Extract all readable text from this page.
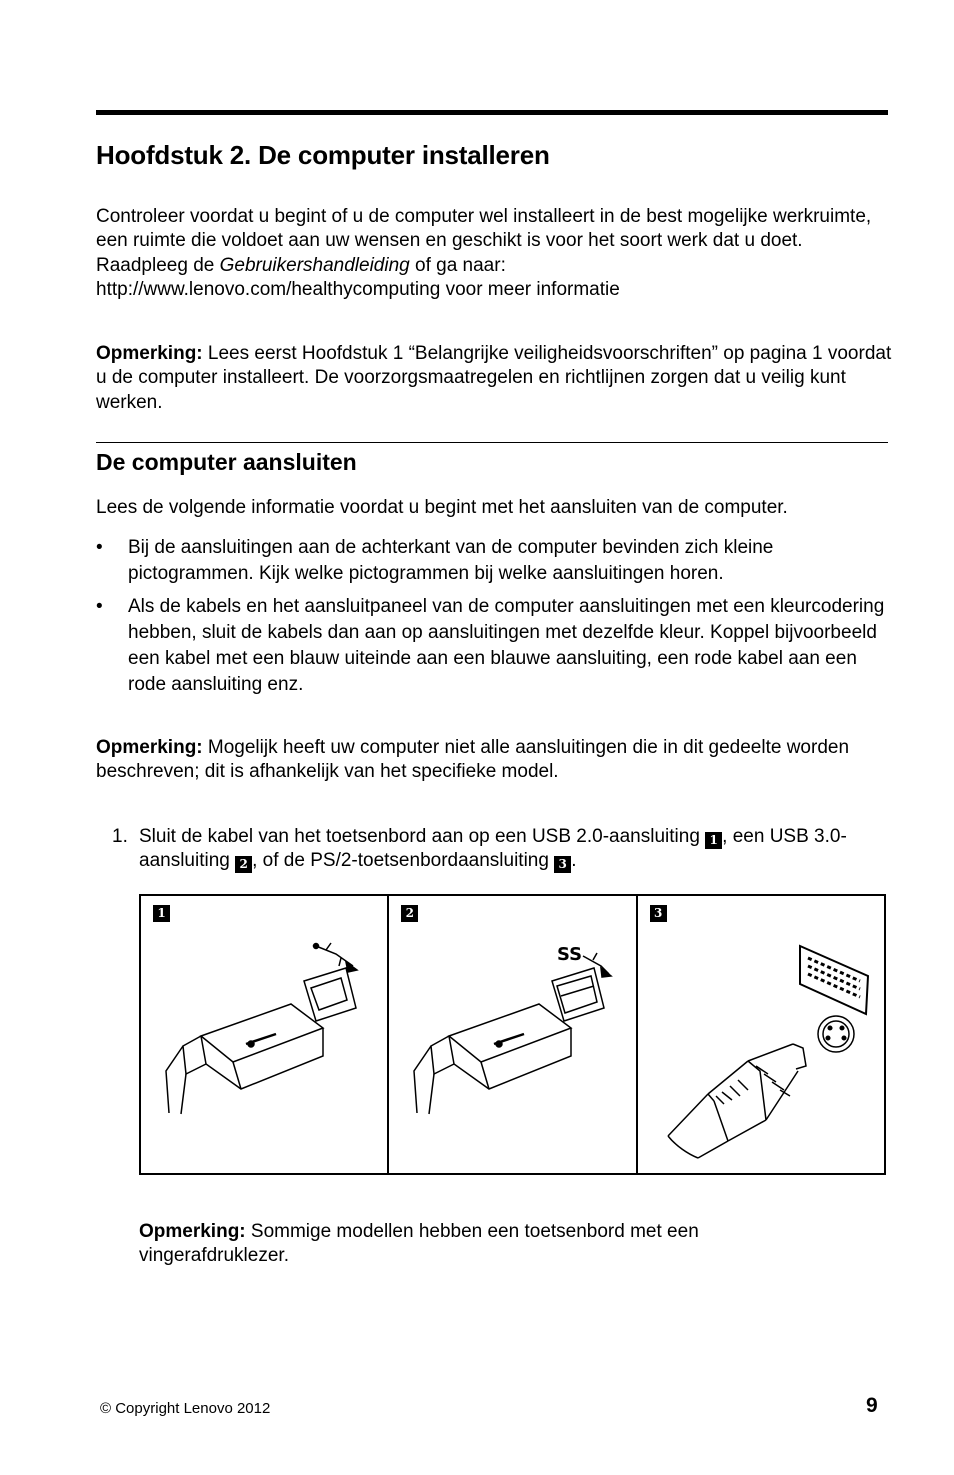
Hoofdstuk 2. De computer installeren

Controleer voordat u begint of u de computer wel installeert in de best mogelijke werkruimte, een ruimte die voldoet aan uw wensen en geschikt is voor het soort werk dat u doet. Raadpleeg de Gebruikershandleiding of ga naar:
http://www.lenovo.com/healthycomputing voor meer informatie

Opmerking: Lees eerst Hoofdstuk 1 “Belangrijke veiligheidsvoorschriften” op pagina 1 voordat u de computer installeert. De voorzorgsmaatregelen en richtlijnen zorgen dat u veilig kunt werken.

De computer aansluiten

Lees de volgende informatie voordat u begint met het aansluiten van de computer.

• Bij de aansluitingen aan de achterkant van de computer bevinden zich kleine pictogrammen. Kijk welke pictogrammen bij welke aansluitingen horen.
• Als de kabels en het aansluitpaneel van de computer aansluitingen met een kleurcodering hebben, sluit de kabels dan aan op aansluitingen met dezelfde kleur. Koppel bijvoorbeeld een kabel met een blauw uiteinde aan een blauwe aansluiting, een rode kabel aan een rode aansluiting enz.

Opmerking: Mogelijk heeft uw computer niet alle aansluitingen die in dit gedeelte worden beschreven; dit is afhankelijk van het specifieke model.

1. Sluit de kabel van het toetsenbord aan op een USB 2.0-aansluiting 1 , een USB 3.0-aansluiting 2 , of de PS/2-toetsenbordaansluiting 3 .
1	2
SS
3

Opmerking: Sommige modellen hebben een toetsenbord met een vingerafdruklezer.

© Copyright Lenovo 2012	9
